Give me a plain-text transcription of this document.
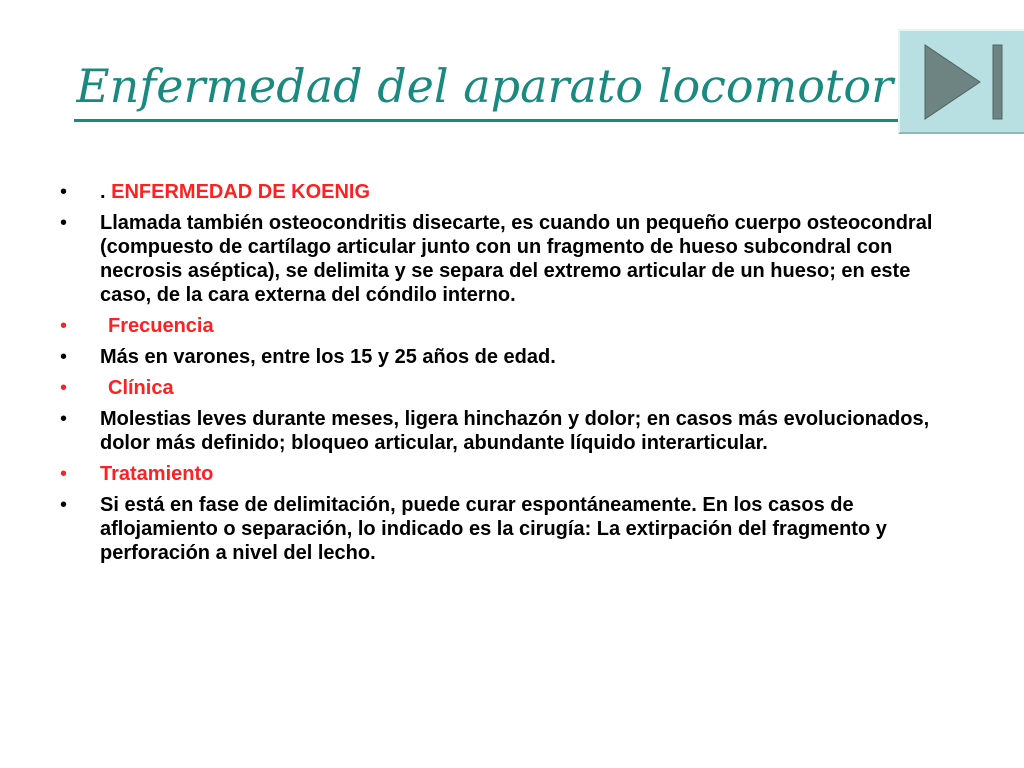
Enfermedad del aparato locomotor
•	. ENFERMEDAD DE KOENIG
•	Llamada también osteocondritis disecarte, es cuando un pequeño cuerpo osteocondral (compuesto de cartílago articular junto con un fragmento de hueso subcondral con necrosis aséptica), se delimita y se separa del extremo articular de un hueso; en este caso, de la cara externa del cóndilo interno.
•	Frecuencia
•	Más en varones, entre los 15 y 25 años de edad.
•	Clínica
•	Molestias leves durante meses, ligera hinchazón y dolor; en casos más evolucionados, dolor más definido; bloqueo articular, abundante líquido interarticular.
•	Tratamiento
•	Si está en fase de delimitación, puede curar espontáneamente. En los casos de aflojamiento o separación, lo indicado es la cirugía: La extirpación del fragmento y perforación a nivel del lecho.
